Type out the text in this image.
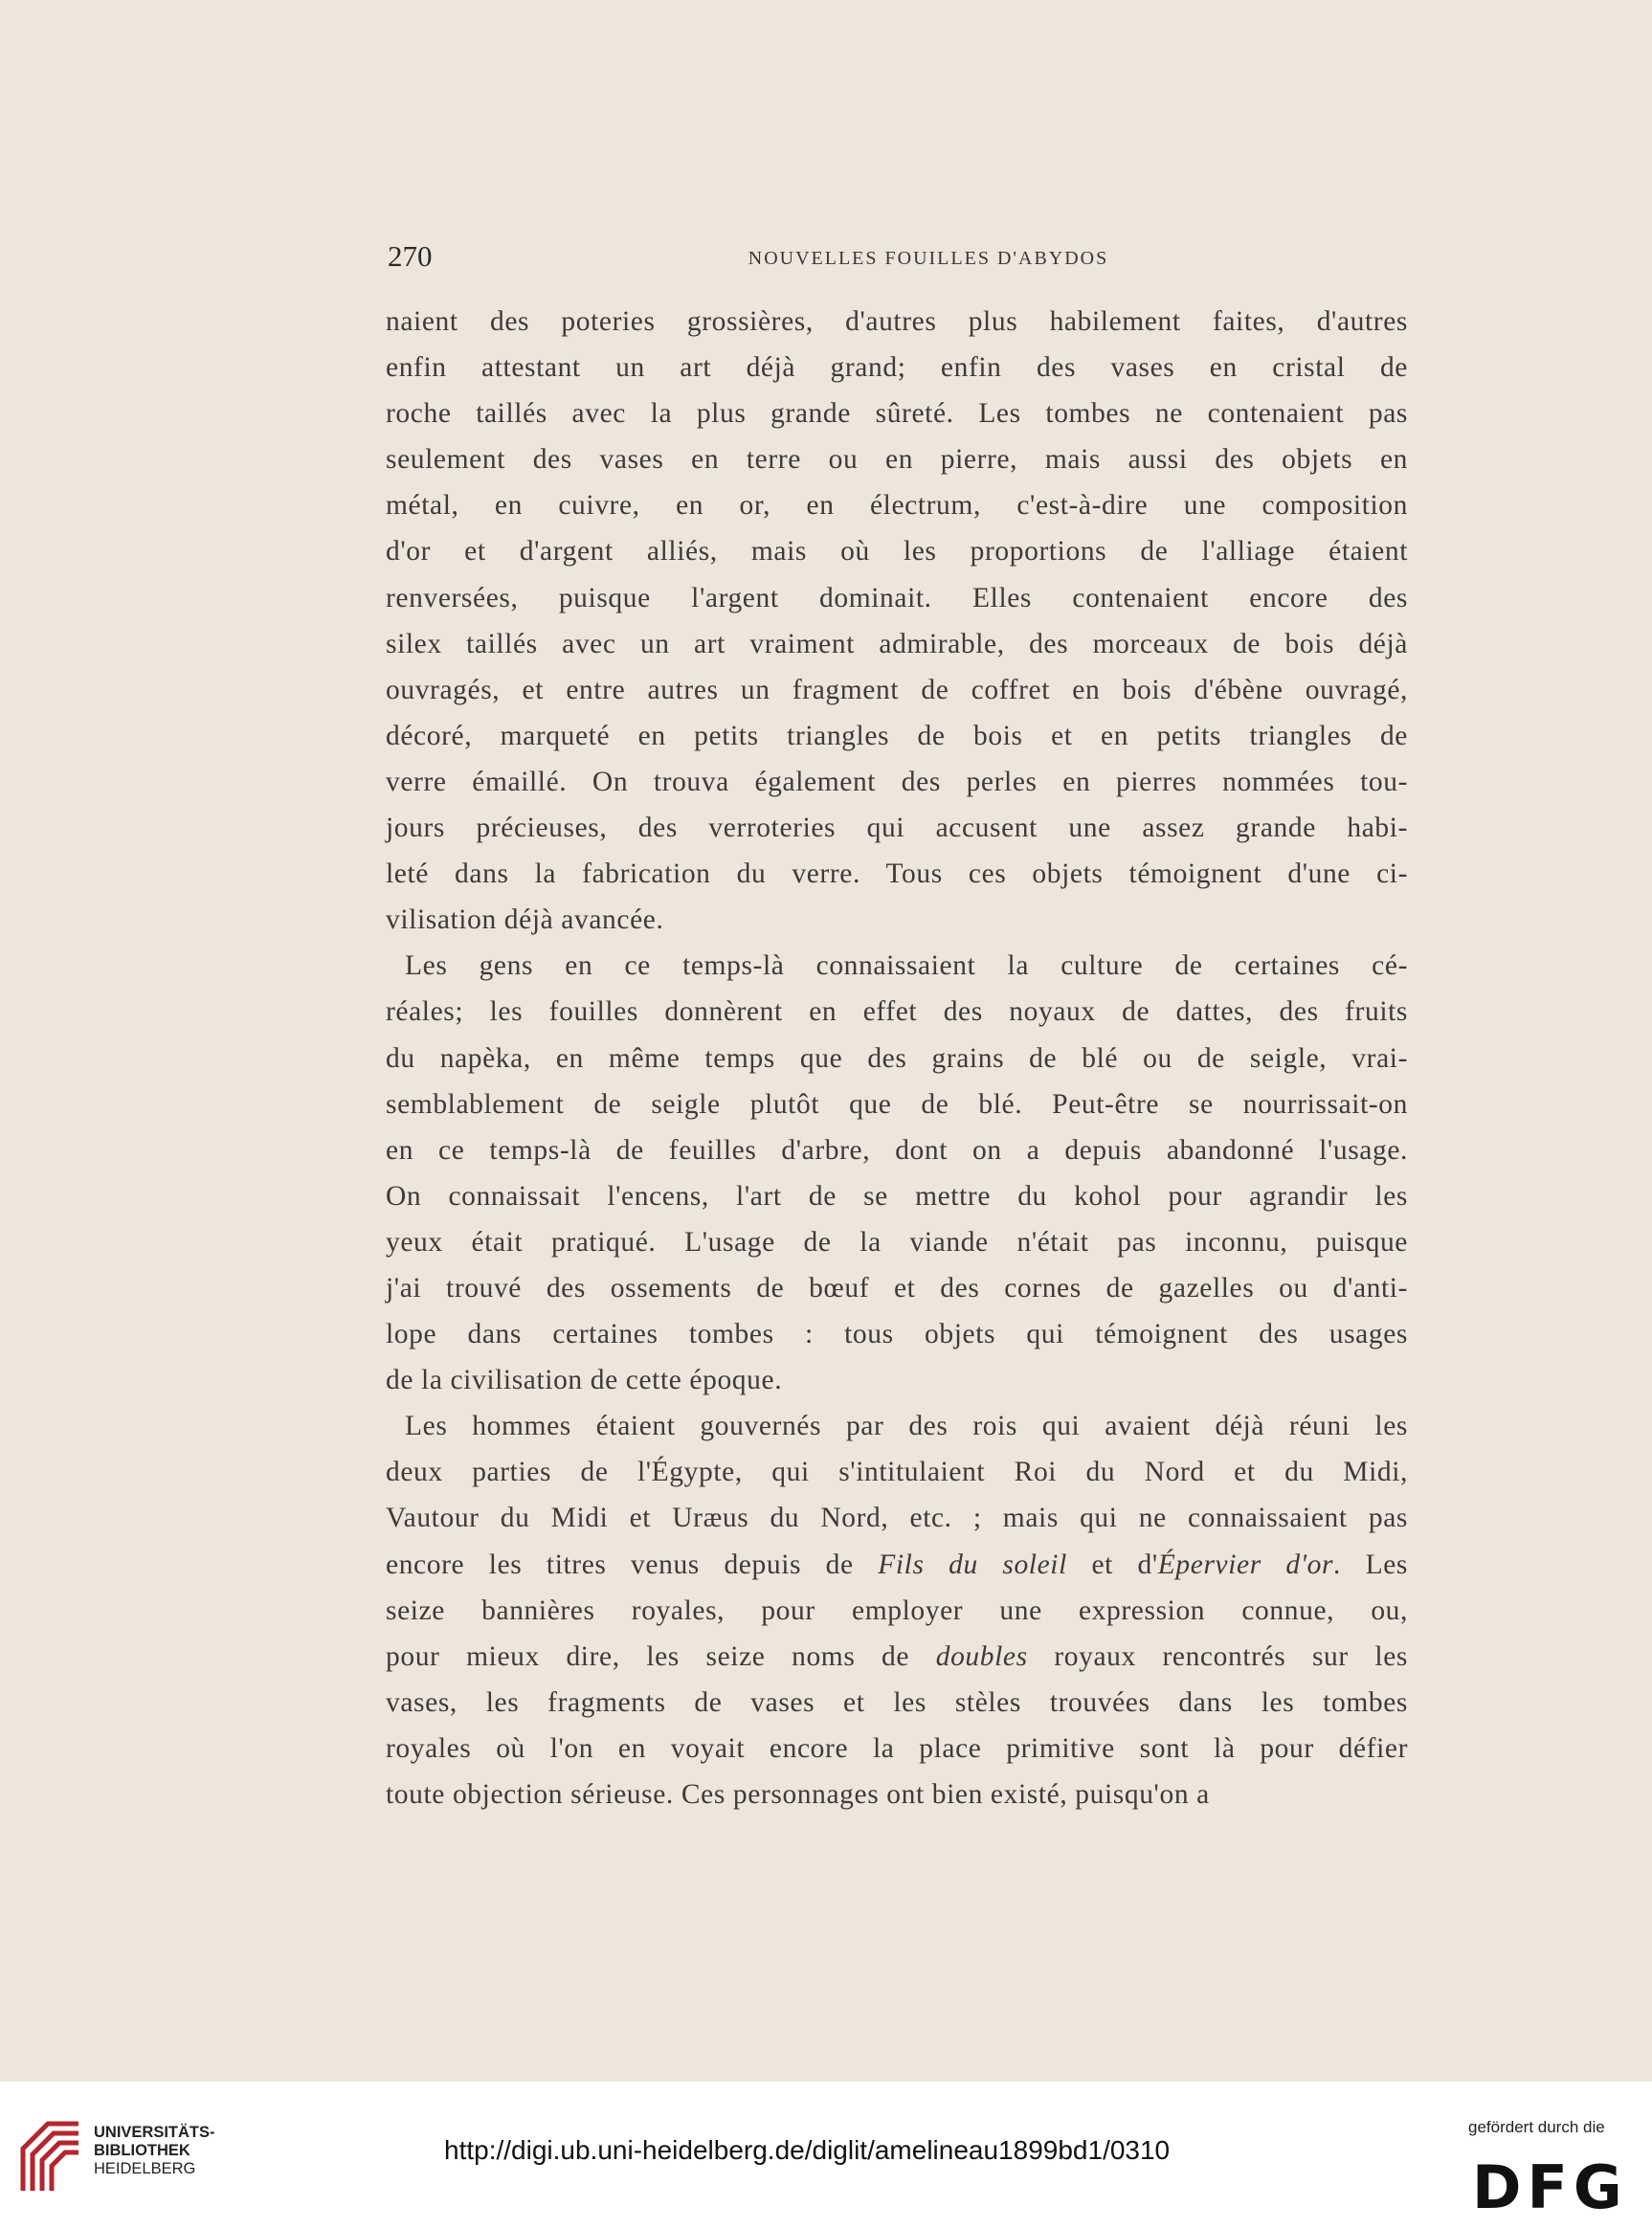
270	NOUVELLES FOUILLES D'ABYDOS
naient des poteries grossières, d'autres plus habilement faites, d'autres
enfin attestant un art déjà grand; enfin des vases en cristal de
roche taillés avec la plus grande sûreté. Les tombes ne contenaient pas
seulement des vases en terre ou en pierre, mais aussi des objets en
métal, en cuivre, en or, en électrum, c'est-à-dire une composition
d'or et d'argent alliés, mais où les proportions de l'alliage étaient
renversées, puisque l'argent dominait. Elles contenaient encore des
silex taillés avec un art vraiment admirable, des morceaux de bois déjà
ouvragés, et entre autres un fragment de coffret en bois d'ébène ouvragé,
décoré, marqueté en petits triangles de bois et en petits triangles de
verre émaillé. On trouva également des perles en pierres nommées tou-
jours précieuses, des verroteries qui accusent une assez grande habi-
leté dans la fabrication du verre. Tous ces objets témoignent d'une ci-
vilisation déjà avancée.
Les gens en ce temps-là connaissaient la culture de certaines cé-
réales; les fouilles donnèrent en effet des noyaux de dattes, des fruits
du napèka, en même temps que des grains de blé ou de seigle, vrai-
semblablement de seigle plutôt que de blé. Peut-être se nourrissait-on
en ce temps-là de feuilles d'arbre, dont on a depuis abandonné l'usage.
On connaissait l'encens, l'art de se mettre du kohol pour agrandir les
yeux était pratiqué. L'usage de la viande n'était pas inconnu, puisque
j'ai trouvé des ossements de bœuf et des cornes de gazelles ou d'anti-
lope dans certaines tombes : tous objets qui témoignent des usages
de la civilisation de cette époque.
Les hommes étaient gouvernés par des rois qui avaient déjà réuni les
deux parties de l'Égypte, qui s'intitulaient Roi du Nord et du Midi,
Vautour du Midi et Uræus du Nord, etc. ; mais qui ne connaissaient pas
encore les titres venus depuis de Fils du soleil et d'Épervier d'or. Les
seize bannières royales, pour employer une expression connue, ou,
pour mieux dire, les seize noms de doubles royaux rencontrés sur les
vases, les fragments de vases et les stèles trouvées dans les tombes
royales où l'on en voyait encore la place primitive sont là pour défier
toute objection sérieuse. Ces personnages ont bien existé, puisqu'on a
UNIVERSITÄTS-
BIBLIOTHEK
HEIDELBERG
http://digi.ub.uni-heidelberg.de/diglit/amelineau1899bd1/0310
gefördert durch die
DFG
